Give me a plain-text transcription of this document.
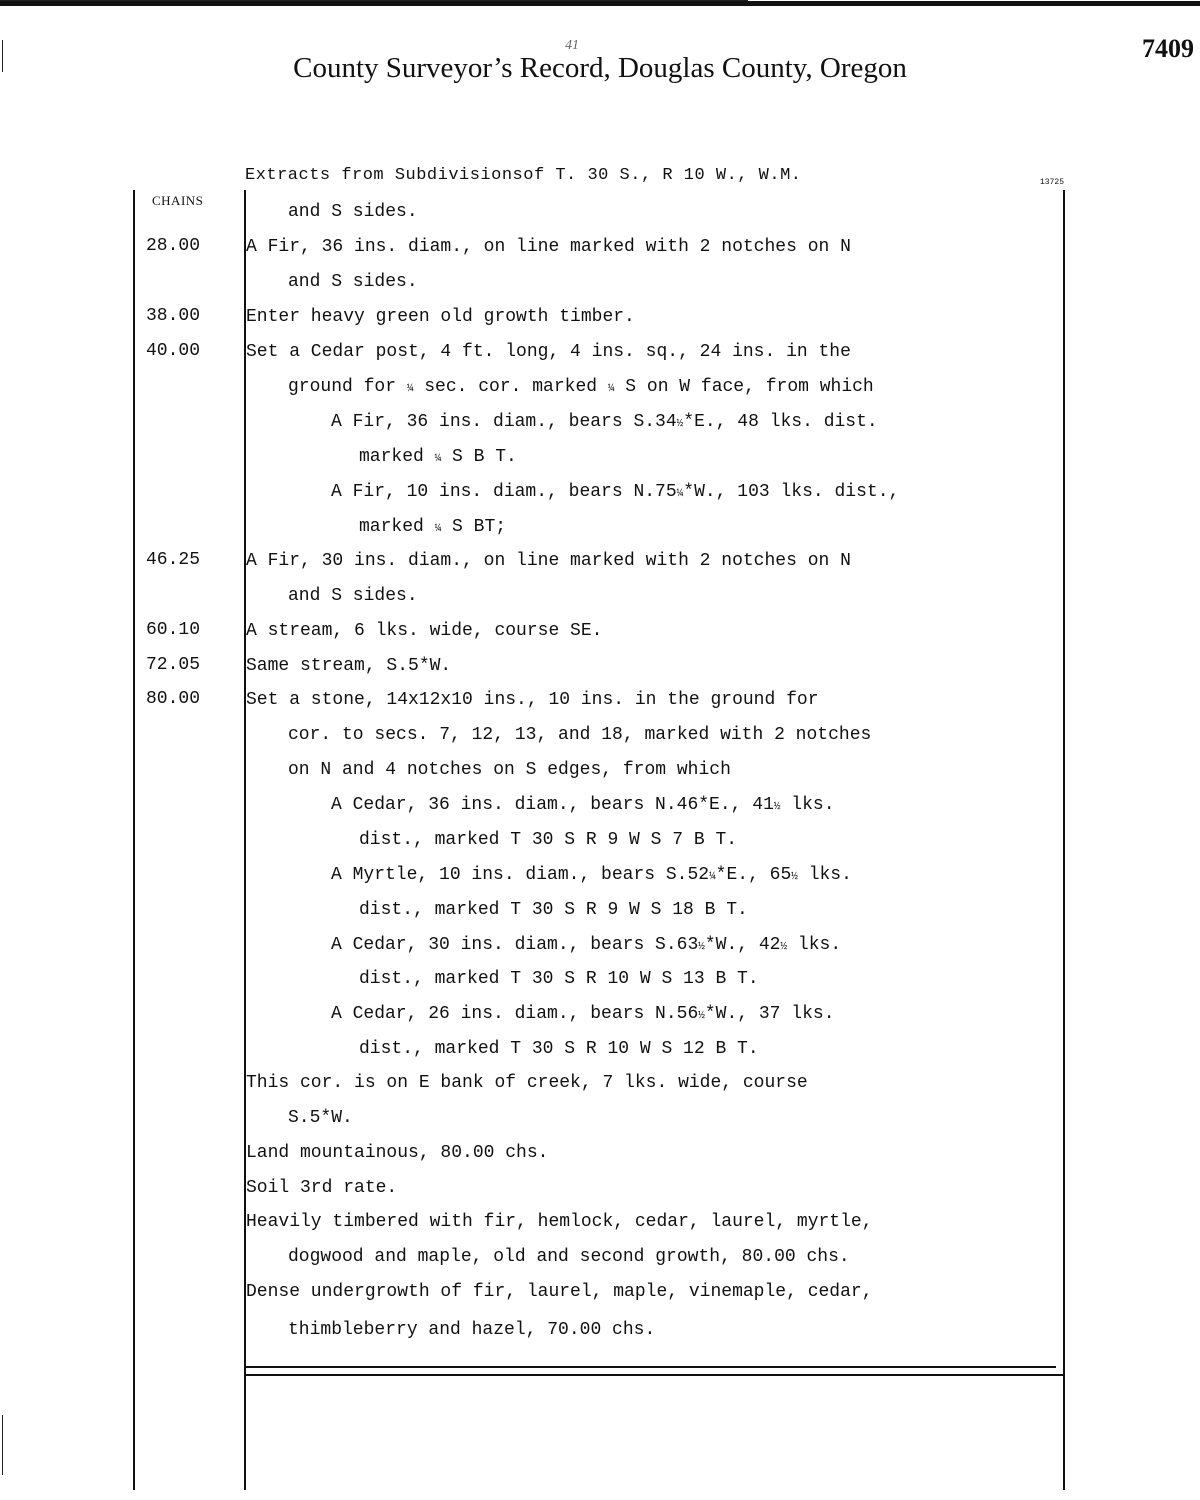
41
County Surveyor’s Record, Douglas County, Oregon
7409
Extracts from Subdivisionsof T. 30 S., R 10 W., W.M.	13725
CHAINS
28.00
38.00
40.00
46.25
60.10
72.05
80.00
and S sides.
A Fir, 36 ins. diam., on line marked with 2 notches on N
and S sides.
Enter heavy green old growth timber.
Set a Cedar post, 4 ft. long, 4 ins. sq., 24 ins. in the
ground for ¼ sec. cor. marked ¼ S on W face, from which
A Fir, 36 ins. diam., bears S.34½*E., 48 lks. dist.
marked ¼ S B T.
A Fir, 10 ins. diam., bears N.75¼*W., 103 lks. dist.,
marked ¼ S BT;
A Fir, 30 ins. diam., on line marked with 2 notches on N
and S sides.
A stream, 6 lks. wide, course SE.
Same stream, S.5*W.
Set a stone, 14x12x10 ins., 10 ins. in the ground for
cor. to secs. 7, 12, 13, and 18, marked with 2 notches
on N and 4 notches on S edges, from which
A Cedar, 36 ins. diam., bears N.46*E., 41½ lks.
dist., marked T 30 S R 9 W S 7 B T.
A Myrtle, 10 ins. diam., bears S.52¼*E., 65½ lks.
dist., marked T 30 S R 9 W S 18 B T.
A Cedar, 30 ins. diam., bears S.63½*W., 42½ lks.
dist., marked T 30 S R 10 W S 13 B T.
A Cedar, 26 ins. diam., bears N.56½*W., 37 lks.
dist., marked T 30 S R 10 W S 12 B T.
This cor. is on E bank of creek, 7 lks. wide, course
S.5*W.
Land mountainous, 80.00 chs.
Soil 3rd rate.
Heavily timbered with fir, hemlock, cedar, laurel, myrtle,
dogwood and maple, old and second growth, 80.00 chs.
Dense undergrowth of fir, laurel, maple, vinemaple, cedar,
thimbleberry and hazel, 70.00 chs.
